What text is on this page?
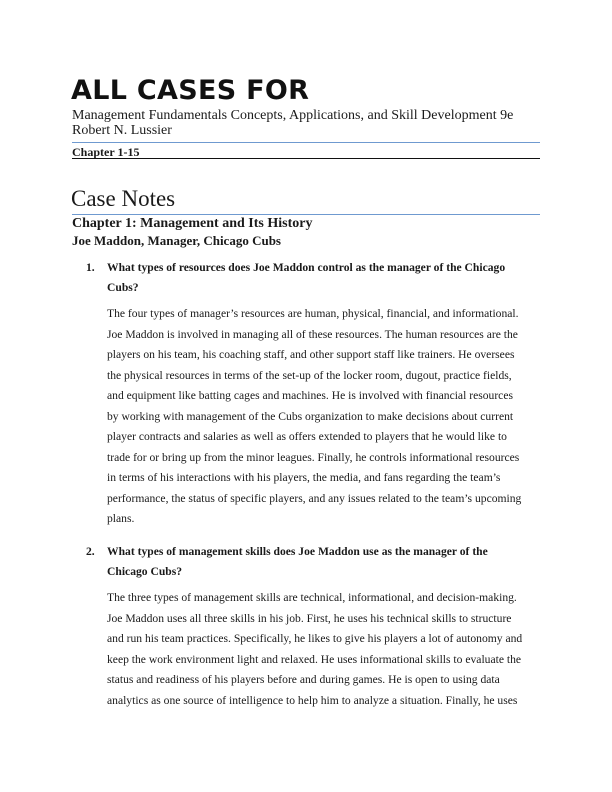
ALL CASES FOR
Management Fundamentals Concepts, Applications, and Skill Development 9e
Robert N. Lussier
Chapter 1-15
Case Notes
Chapter 1: Management and Its History
Joe Maddon, Manager, Chicago Cubs
1. What types of resources does Joe Maddon control as the manager of the Chicago
Cubs?
The four types of manager’s resources are human, physical, financial, and informational.
Joe Maddon is involved in managing all of these resources. The human resources are the
players on his team, his coaching staff, and other support staff like trainers. He oversees
the physical resources in terms of the set-up of the locker room, dugout, practice fields,
and equipment like batting cages and machines. He is involved with financial resources
by working with management of the Cubs organization to make decisions about current
player contracts and salaries as well as offers extended to players that he would like to
trade for or bring up from the minor leagues. Finally, he controls informational resources
in terms of his interactions with his players, the media, and fans regarding the team’s
performance, the status of specific players, and any issues related to the team’s upcoming
plans.
2. What types of management skills does Joe Maddon use as the manager of the
Chicago Cubs?
The three types of management skills are technical, informational, and decision-making.
Joe Maddon uses all three skills in his job. First, he uses his technical skills to structure
and run his team practices. Specifically, he likes to give his players a lot of autonomy and
keep the work environment light and relaxed. He uses informational skills to evaluate the
status and readiness of his players before and during games. He is open to using data
analytics as one source of intelligence to help him to analyze a situation. Finally, he uses
